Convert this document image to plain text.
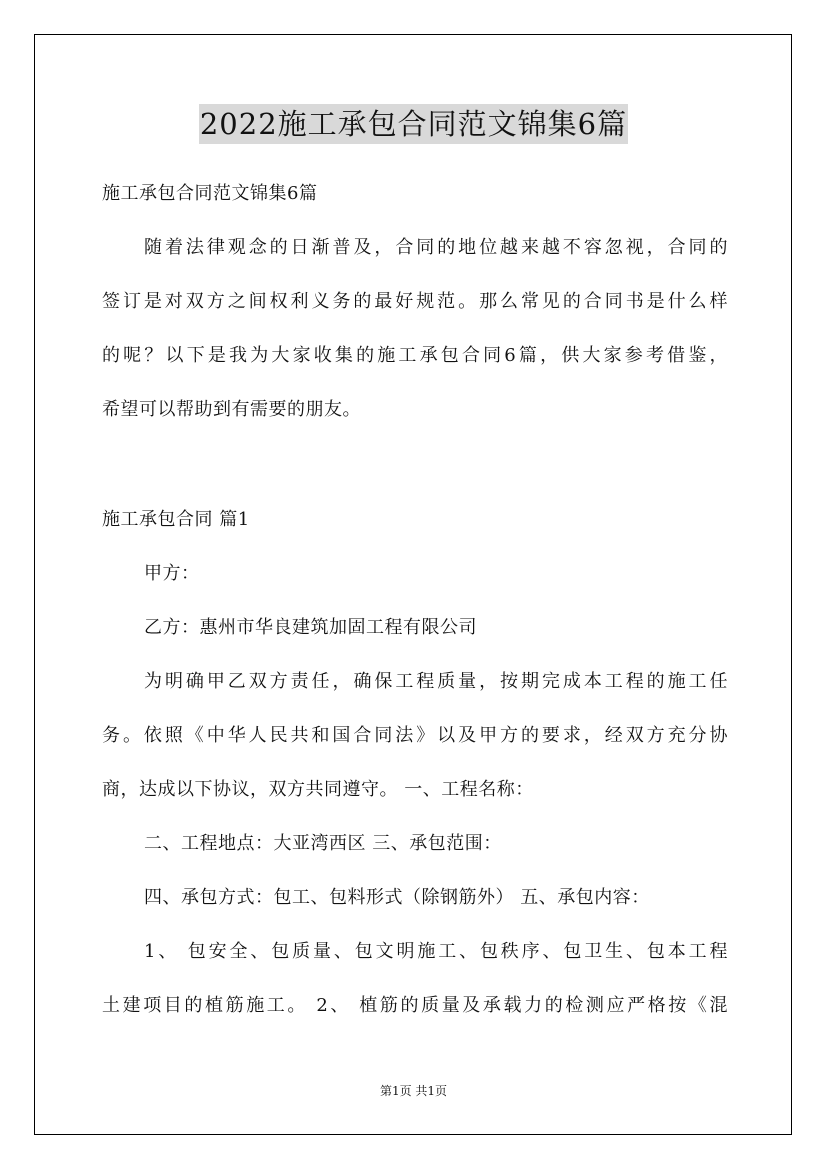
2022施工承包合同范文锦集6篇
施工承包合同范文锦集6篇
随着法律观念的日渐普及，合同的地位越来越不容忽视，合同的
签订是对双方之间权利义务的最好规范。那么常见的合同书是什么样
的呢？以下是我为大家收集的施工承包合同6篇，供大家参考借鉴，
希望可以帮助到有需要的朋友。
施工承包合同 篇1
甲方：
乙方：惠州市华良建筑加固工程有限公司
为明确甲乙双方责任，确保工程质量，按期完成本工程的施工任
务。依照《中华人民共和国合同法》以及甲方的要求，经双方充分协
商，达成以下协议，双方共同遵守。 一、工程名称：
二、工程地点：大亚湾西区 三、承包范围：
四、承包方式：包工、包料形式（除钢筋外） 五、承包内容：
1、 包安全、包质量、包文明施工、包秩序、包卫生、包本工程
土建项目的植筋施工。 2、 植筋的质量及承载力的检测应严格按《混
第1页 共1页
